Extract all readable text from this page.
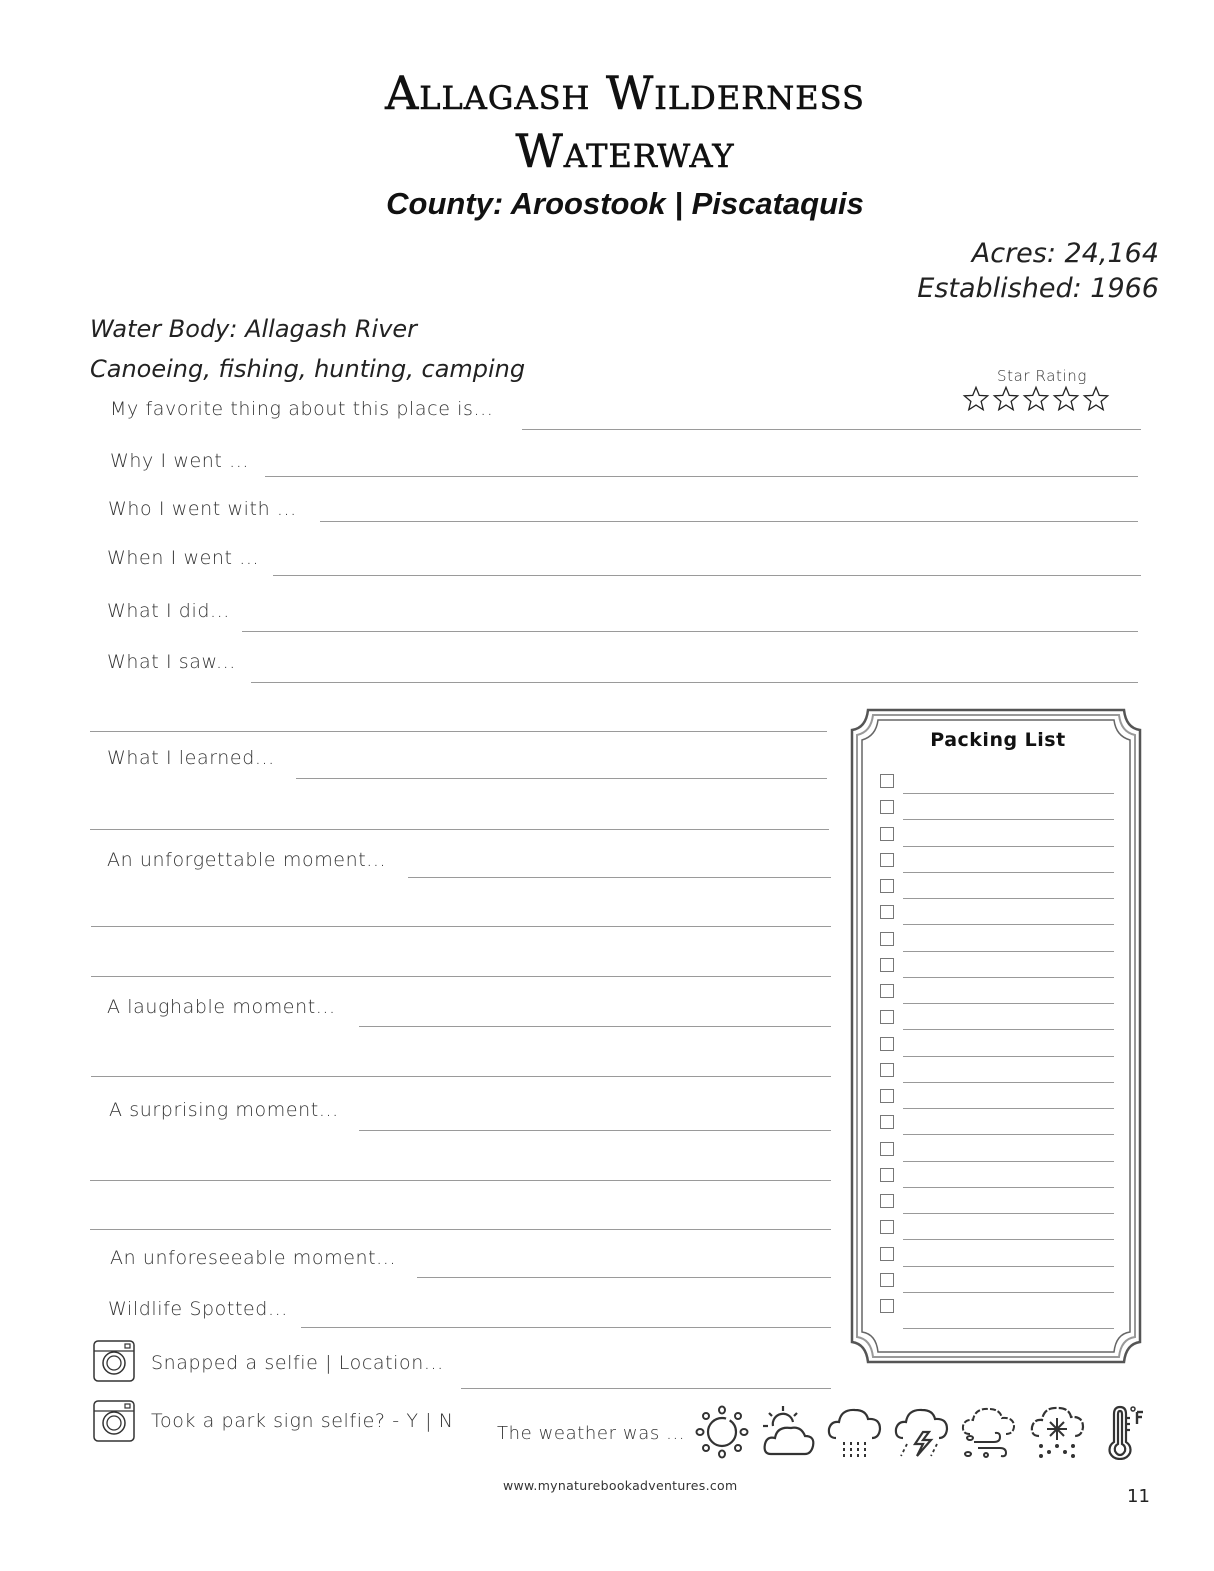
Allagash Wilderness
Waterway
County: Aroostook | Piscataquis
Acres: 24,164
Established: 1966
Water Body: Allagash River
Canoeing, fishing, hunting, camping	Star Rating
My favorite thing about this place is...
Why I went ...
Who I went with ...
When I went ...
What I did...
What I saw...
What I learned...
An unforgettable moment...
A laughable moment...
A surprising moment...
An unforeseeable moment...
Wildlife Spotted...
Snapped a selfie | Location...
Took a park sign selfie? - Y | N
Packing List
The weather was ...
www.mynaturebookadventures.com
11
